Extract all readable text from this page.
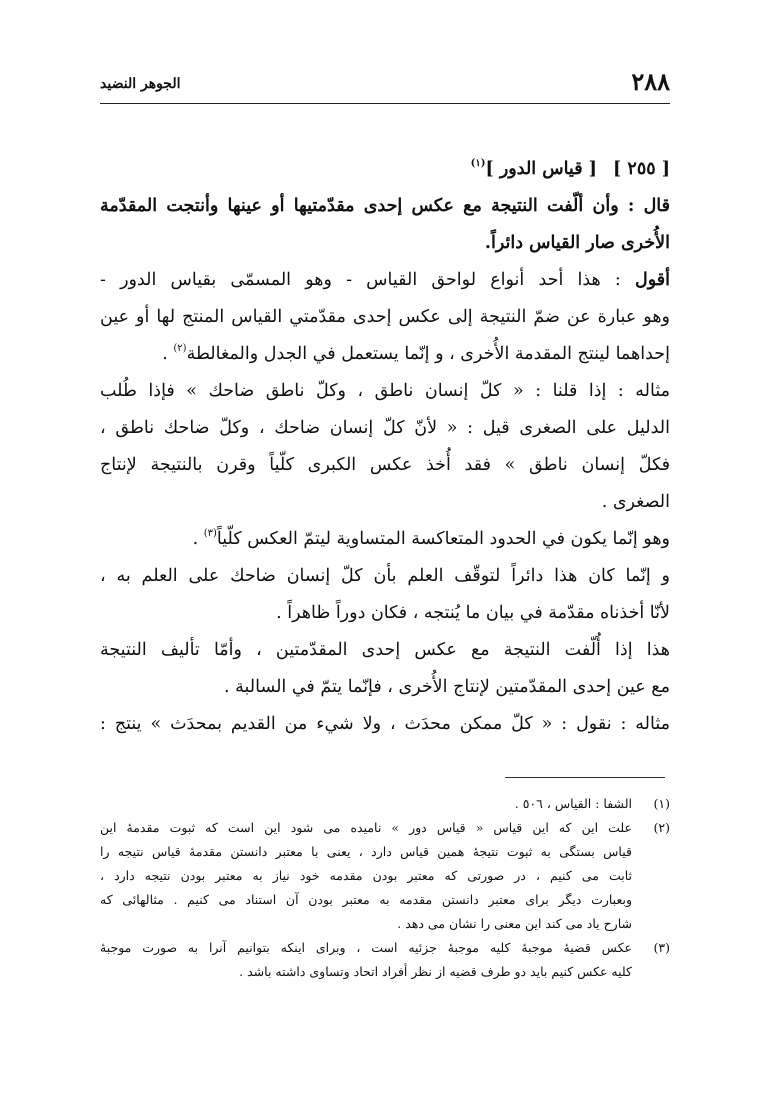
٢٨٨
الجوهر النضيد
[ ٢٥٥ ] [ قياس الدور ]$^{(١)}$
قال : وأن ألّفت النتيجة مع عكس إحدى مقدّمتيها أو عينها وأنتجت المقدّمة
الأُخرى صار القياس دائراً.
أقول : هذا أحد أنواع لواحق القياس - وهو المسمّى بقياس الدور -
وهو عبارة عن ضمّ النتيجة إلى عكس إحدى مقدّمتي القياس المنتج لها أو عين
إحداهما لينتج المقدمة الأُخرى ، و إنّما يستعمل في الجدل والمغالطة$^{(٢)}$ .
مثاله : إذا قلنا : « كلّ إنسان ناطق ، وكلّ ناطق ضاحك » فإذا طُلب
الدليل على الصغرى قيل : « لأنّ كلّ إنسان ضاحك ، وكلّ ضاحك ناطق ،
فكلّ إنسان ناطق » فقد أُخذ عكس الكبرى كلّياً وقرن بالنتيجة لإنتاج
الصغرى .
وهو إنّما يكون في الحدود المتعاكسة المتساوية ليتمّ العكس كلّياً$^{(٣)}$ .
و إنّما كان هذا دائراً لتوقّف العلم بأن كلّ إنسان ضاحك على العلم به ،
لأنّا أخذناه مقدّمة في بيان ما يُنتجه ، فكان دوراً ظاهراً .
هذا إذا أُلّفت النتيجة مع عكس إحدى المقدّمتين ، وأمّا تأليف النتيجة
مع عين إحدى المقدّمتين لإنتاج الأُخرى ، فإنّما يتمّ في السالبة .
مثاله : نقول : « كلّ ممكن محدَث ، ولا شيء من القديم بمحدَث » ينتج :
(١)
الشفا : القياس ، ٥٠٦ .
(٢)
علت اين كه اين قياس « قياس دور » ناميده مى شود اين است كه ثبوت مقدمهٔ اين
قياس بستگى به ثبوت نتيجهٔ همين قياس دارد ، يعنى با معتبر دانستن مقدمهٔ قياس نتيجه را
ثابت مى كنيم ، در صورتى كه معتبر بودن مقدمه خود نياز به معتبر بودن نتيجه دارد ،
وبعبارت ديگر براى معتبر دانستن مقدمه به معتبر بودن آن استناد مى كنيم . مثالهائى كه
شارح ياد مى كند اين معنى را نشان مى دهد .
(٣)
عكس قضيهٔ موجبهٔ كليه موجبهٔ جزئيه است ، وبراى اينكه بتوانيم آنرا به صورت موجبهٔ
كليه عكس كنيم بايد دو طرف قضيه از نظر أفراد اتحاد وتساوى داشته باشد .
